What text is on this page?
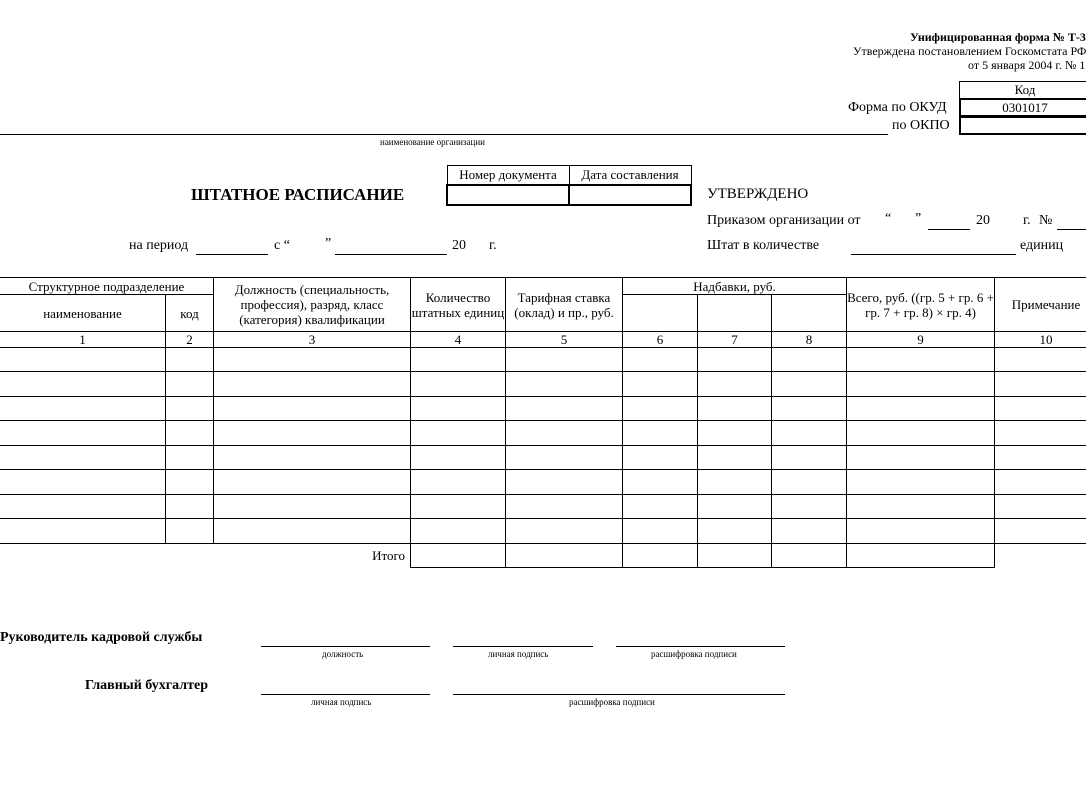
Унифицированная форма № Т-3
Утверждена постановлением Госкомстата РФ
от 5 января 2004 г. № 1
Код
0301017
Форма по ОКУД
по ОКПО
наименование организации
Номер документа	Дата составления

ШТАТНОЕ РАСПИСАНИЕ	УТВЕРЖДЕНО
Приказом организации от “ ”	20 г. №
Штат в количестве	единиц
на период	с “	”	20 г.
Структурное подразделение		Должность (специальность, профессия), разряд, класс (категория) квалификации	Количество штатных единиц	Тарифная ставка (оклад) и пр., руб.	Надбавки, руб.			Всего, руб. ((гр. 5 + гр. 6 + гр. 7 + гр. 8) × гр. 4)	Примечание
наименование	код								
1	2	3	4	5	6	7	8	9	10

Итого									
Руководитель кадровой службы
должность	личная подпись	расшифровка подписи
Главный бухгалтер
личная подпись	расшифровка подписи
